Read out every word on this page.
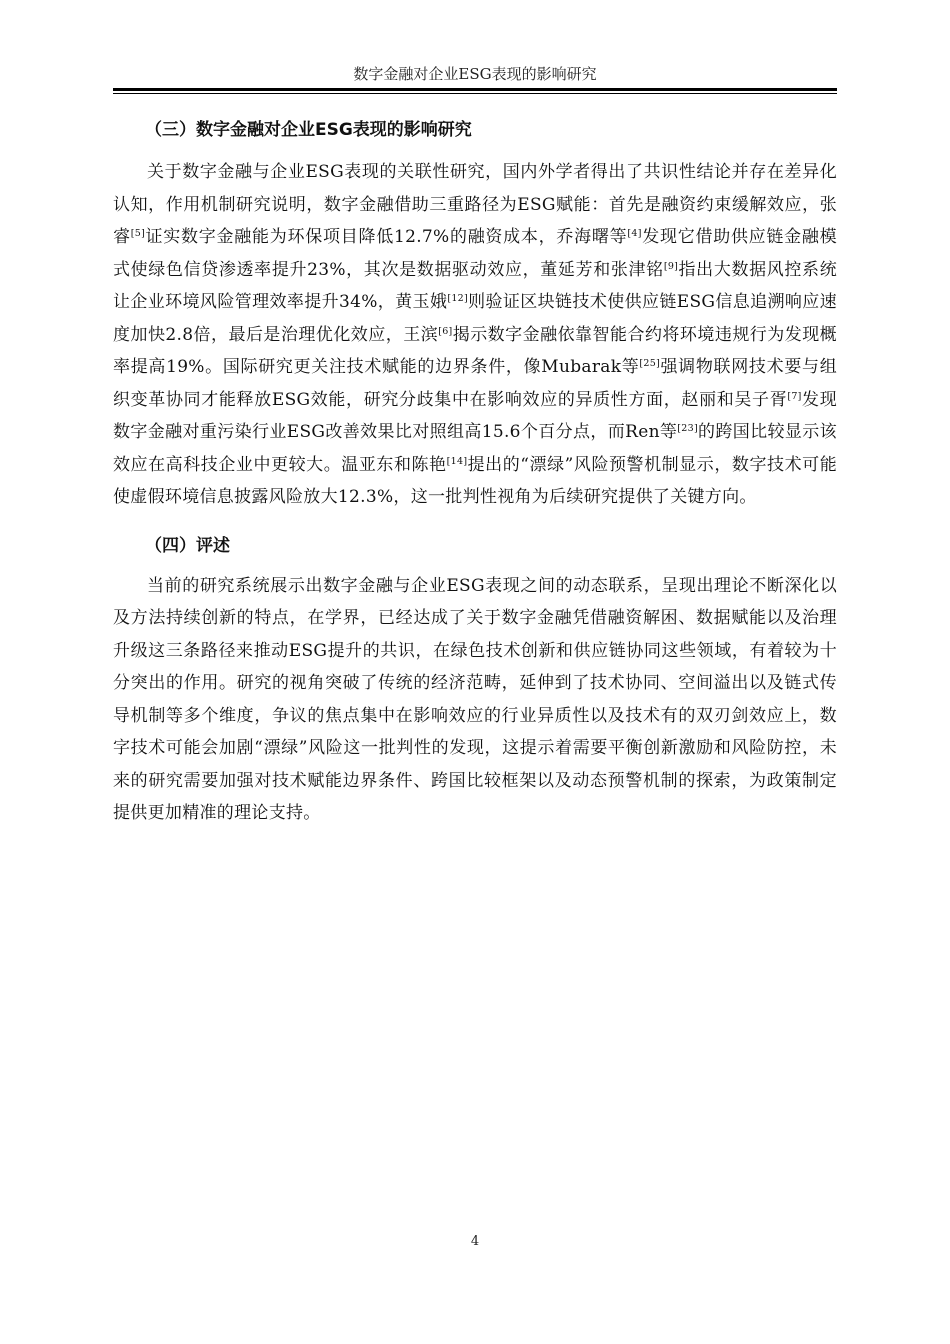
数字金融对企业ESG表现的影响研究
（三）数字金融对企业ESG表现的影响研究

关于数字金融与企业ESG表现的关联性研究，国内外学者得出了共识性结论并存在差异化认知，作用机制研究说明，数字金融借助三重路径为ESG赋能：首先是融资约束缓解效应，张睿[5]证实数字金融能为环保项目降低12.7%的融资成本，乔海曙等[4]发现它借助供应链金融模式使绿色信贷渗透率提升23%，其次是数据驱动效应，董延芳和张津铭[9]指出大数据风控系统让企业环境风险管理效率提升34%，黄玉娥[12]则验证区块链技术使供应链ESG信息追溯响应速度加快2.8倍，最后是治理优化效应，王滨[6]揭示数字金融依靠智能合约将环境违规行为发现概率提高19%。国际研究更关注技术赋能的边界条件，像Mubarak等[25]强调物联网技术要与组织变革协同才能释放ESG效能，研究分歧集中在影响效应的异质性方面，赵丽和吴子胥[7]发现数字金融对重污染行业ESG改善效果比对照组高15.6个百分点，而Ren等[23]的跨国比较显示该效应在高科技企业中更较大。温亚东和陈艳[14]提出的“漂绿”风险预警机制显示，数字技术可能使虚假环境信息披露风险放大12.3%，这一批判性视角为后续研究提供了关键方向。

（四）评述

当前的研究系统展示出数字金融与企业ESG表现之间的动态联系，呈现出理论不断深化以及方法持续创新的特点，在学界，已经达成了关于数字金融凭借融资解困、数据赋能以及治理升级这三条路径来推动ESG提升的共识，在绿色技术创新和供应链协同这些领域，有着较为十分突出的作用。研究的视角突破了传统的经济范畴，延伸到了技术协同、空间溢出以及链式传导机制等多个维度，争议的焦点集中在影响效应的行业异质性以及技术有的双刃剑效应上，数字技术可能会加剧“漂绿”风险这一批判性的发现，这提示着需要平衡创新激励和风险防控，未来的研究需要加强对技术赋能边界条件、跨国比较框架以及动态预警机制的探索，为政策制定提供更加精准的理论支持。

4
